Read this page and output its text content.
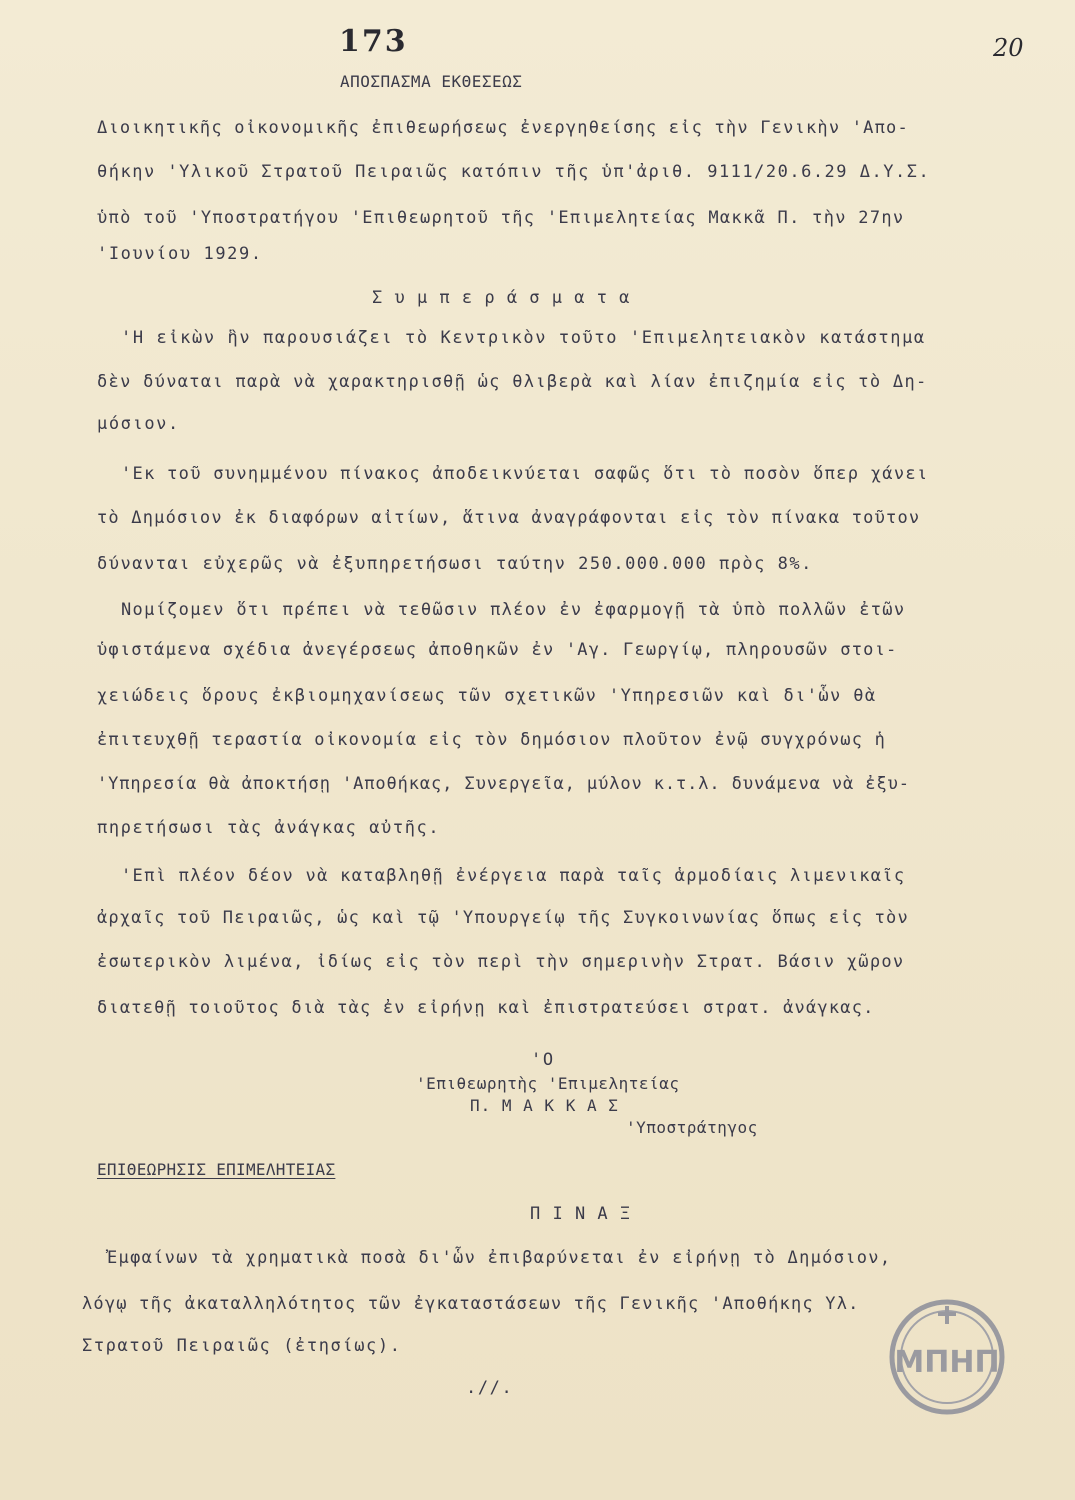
173	20
ΑΠΟΣΠΑΣΜΑ ΕΚΘΕΣΕΩΣ
Διοικητικῆς οἰκονομικῆς ἐπιθεωρήσεως ἐνεργηθείσης εἰς τὴν Γενικὴν 'Απο-
θήκην 'Υλικοῦ Στρατοῦ Πειραιῶς κατόπιν τῆς ὑπ'ἀριθ. 9111/20.6.29 Δ.Υ.Σ.
ὑπὸ τοῦ 'Υποστρατήγου 'Επιθεωρητοῦ τῆς 'Επιμελητείας Μακκᾶ Π. τὴν 27ην
'Ιουνίου 1929.
Σ υ μ π ε ρ ά σ μ α τ α
'Η εἰκὼν ἣν παρουσιάζει τὸ Κεντρικὸν τοῦτο 'Επιμελητειακὸν κατάστημα
δὲν δύναται παρὰ νὰ χαρακτηρισθῇ ὡς θλιβερὰ καὶ λίαν ἐπιζημία εἰς τὸ Δη-
μόσιον.
'Εκ τοῦ συνημμένου πίνακος ἀποδεικνύεται σαφῶς ὅτι τὸ ποσὸν ὅπερ χάνει
τὸ Δημόσιον ἐκ διαφόρων αἰτίων, ἅτινα ἀναγράφονται εἰς τὸν πίνακα τοῦτον
δύνανται εὐχερῶς νὰ ἐξυπηρετήσωσι ταύτην 250.000.000 πρὸς 8%.
Νομίζομεν ὅτι πρέπει νὰ τεθῶσιν πλέον ἐν ἐφαρμογῇ τὰ ὑπὸ πολλῶν ἐτῶν
ὑφιστάμενα σχέδια ἀνεγέρσεως ἀποθηκῶν ἐν 'Αγ. Γεωργίῳ, πληρουσῶν στοι-
χειώδεις ὅρους ἐκβιομηχανίσεως τῶν σχετικῶν 'Υπηρεσιῶν καὶ δι'ὧν θὰ
ἐπιτευχθῇ τεραστία οἰκονομία εἰς τὸν δημόσιον πλοῦτον ἐνῷ συγχρόνως ἡ
'Υπηρεσία θὰ ἀποκτήσῃ 'Αποθήκας, Συνεργεῖα, μύλον κ.τ.λ. δυνάμενα νὰ ἐξυ-
πηρετήσωσι τὰς ἀνάγκας αὐτῆς.
'Επὶ πλέον δέον νὰ καταβληθῇ ἐνέργεια παρὰ ταῖς ἁρμοδίαις λιμενικαῖς
ἀρχαῖς τοῦ Πειραιῶς, ὡς καὶ τῷ 'Υπουργείῳ τῆς Συγκοινωνίας ὅπως εἰς τὸν
ἐσωτερικὸν λιμένα, ἰδίως εἰς τὸν περὶ τὴν σημερινὴν Στρατ. Βάσιν χῶρον
διατεθῇ τοιοῦτος διὰ τὰς ἐν εἰρήνῃ καὶ ἐπιστρατεύσει στρατ. ἀνάγκας.
'Ο
'Επιθεωρητὴς 'Επιμελητείας
Π. Μ Α Κ Κ Α Σ
'Υποστράτηγος
ΕΠΙΘΕΩΡΗΣΙΣ ΕΠΙΜΕΛΗΤΕΙΑΣ
Π Ι Ν Α Ξ
Ἐμφαίνων τὰ χρηματικὰ ποσὰ δι'ὧν ἐπιβαρύνεται ἐν εἰρήνῃ τὸ Δημόσιον,
λόγῳ τῆς ἀκαταλληλότητος τῶν ἐγκαταστάσεων τῆς Γενικῆς 'Αποθήκης Υλ.
Στρατοῦ Πειραιῶς (ἐτησίως).
.//.
ΜΠΗΠ
